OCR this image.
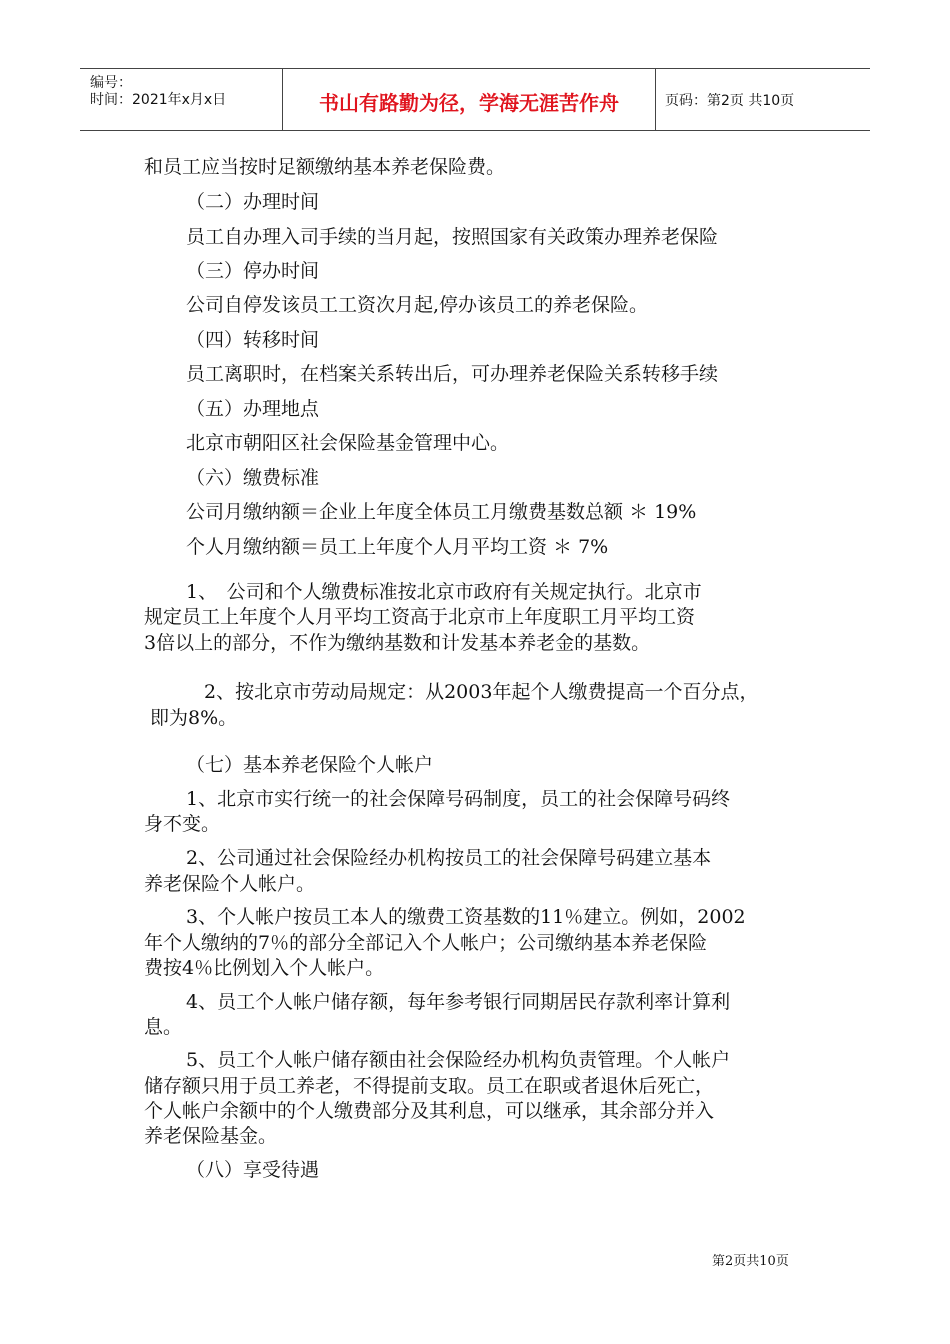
编号：
时间：2021年x月x日	书山有路勤为径，学海无涯苦作舟	页码：第2页 共10页
和员工应当按时足额缴纳基本养老保险费。
（二）办理时间
员工自办理入司手续的当月起，按照国家有关政策办理养老保险
（三）停办时间
公司自停发该员工工资次月起,停办该员工的养老保险。
（四）转移时间
员工离职时，在档案关系转出后，可办理养老保险关系转移手续
（五）办理地点
北京市朝阳区社会保险基金管理中心。
（六）缴费标准
公司月缴纳额＝企业上年度全体员工月缴费基数总额 ＊ 19%
个人月缴纳额＝员工上年度个人月平均工资 ＊ 7%
1、　公司和个人缴费标准按北京市政府有关规定执行。北京市
规定员工上年度个人月平均工资高于北京市上年度职工月平均工资
3倍以上的部分，不作为缴纳基数和计发基本养老金的基数。
2、按北京市劳动局规定：从2003年起个人缴费提高一个百分点，
即为8%。
（七）基本养老保险个人帐户
1、北京市实行统一的社会保障号码制度，员工的社会保障号码终
身不变。
2、公司通过社会保险经办机构按员工的社会保障号码建立基本
养老保险个人帐户。
3、个人帐户按员工本人的缴费工资基数的11％建立。例如，2002
年个人缴纳的7％的部分全部记入个人帐户；公司缴纳基本养老保险
费按4％比例划入个人帐户。
4、员工个人帐户储存额，每年参考银行同期居民存款利率计算利
息。
5、员工个人帐户储存额由社会保险经办机构负责管理。个人帐户
储存额只用于员工养老，不得提前支取。员工在职或者退休后死亡，
个人帐户余额中的个人缴费部分及其利息，可以继承，其余部分并入
养老保险基金。
（八）享受待遇
第2页共10页
